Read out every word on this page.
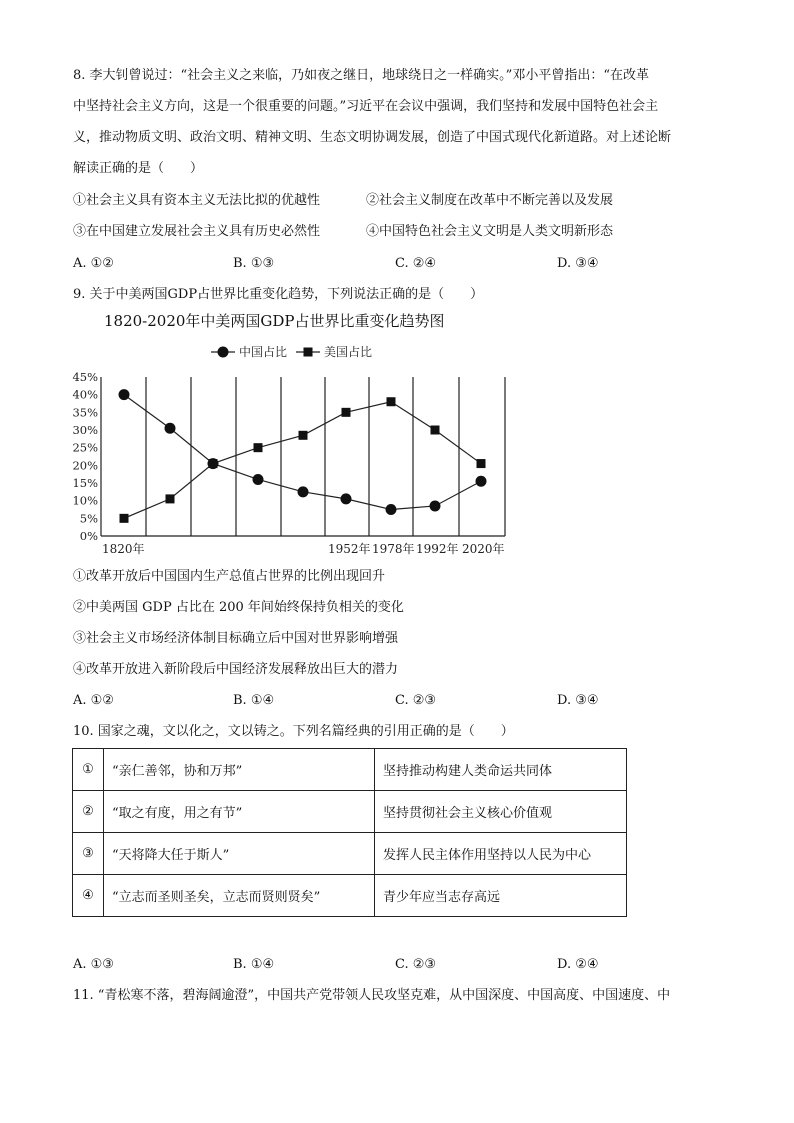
8. 李大钊曾说过：“社会主义之来临，乃如夜之继日，地球绕日之一样确实。”邓小平曾指出：“在改革
中坚持社会主义方向，这是一个很重要的问题。”习近平在会议中强调，我们坚持和发展中国特色社会主
义，推动物质文明、政治文明、精神文明、生态文明协调发展，创造了中国式现代化新道路。对上述论断
解读正确的是（　　）
①社会主义具有资本主义无法比拟的优越性	②社会主义制度在改革中不断完善以及发展
③在中国建立发展社会主义具有历史必然性	④中国特色社会主义文明是人类文明新形态
A. ①②	B. ①③	C. ②④	D. ③④
9. 关于中美两国GDP占世界比重变化趋势，下列说法正确的是（　　）
1820-2020年中美两国GDP占世界比重变化趋势图
中国占比	美国占比
45%
40%
35%
30%
25%
20%
15%
10%
5%
0%
1820年	1952年 1978年 1992年 2020年
①改革开放后中国国内生产总值占世界的比例出现回升
②中美两国 GDP 占比在 200 年间始终保持负相关的变化
③社会主义市场经济体制目标确立后中国对世界影响增强
④改革开放进入新阶段后中国经济发展释放出巨大的潜力
A. ①②	B. ①④	C. ②③	D. ③④
10. 国家之魂，文以化之，文以铸之。下列名篇经典的引用正确的是（　　）
①	“亲仁善邻，协和万邦”	坚持推动构建人类命运共同体
②	“取之有度，用之有节”	坚持贯彻社会主义核心价值观
③	“天将降大任于斯人”	发挥人民主体作用坚持以人民为中心
④	“立志而圣则圣矣，立志而贤则贤矣”	青少年应当志存高远
A. ①③	B. ①④	C. ②③	D. ②④
11. “青松寒不落，碧海阔逾澄”，中国共产党带领人民攻坚克难，从中国深度、中国高度、中国速度、中
